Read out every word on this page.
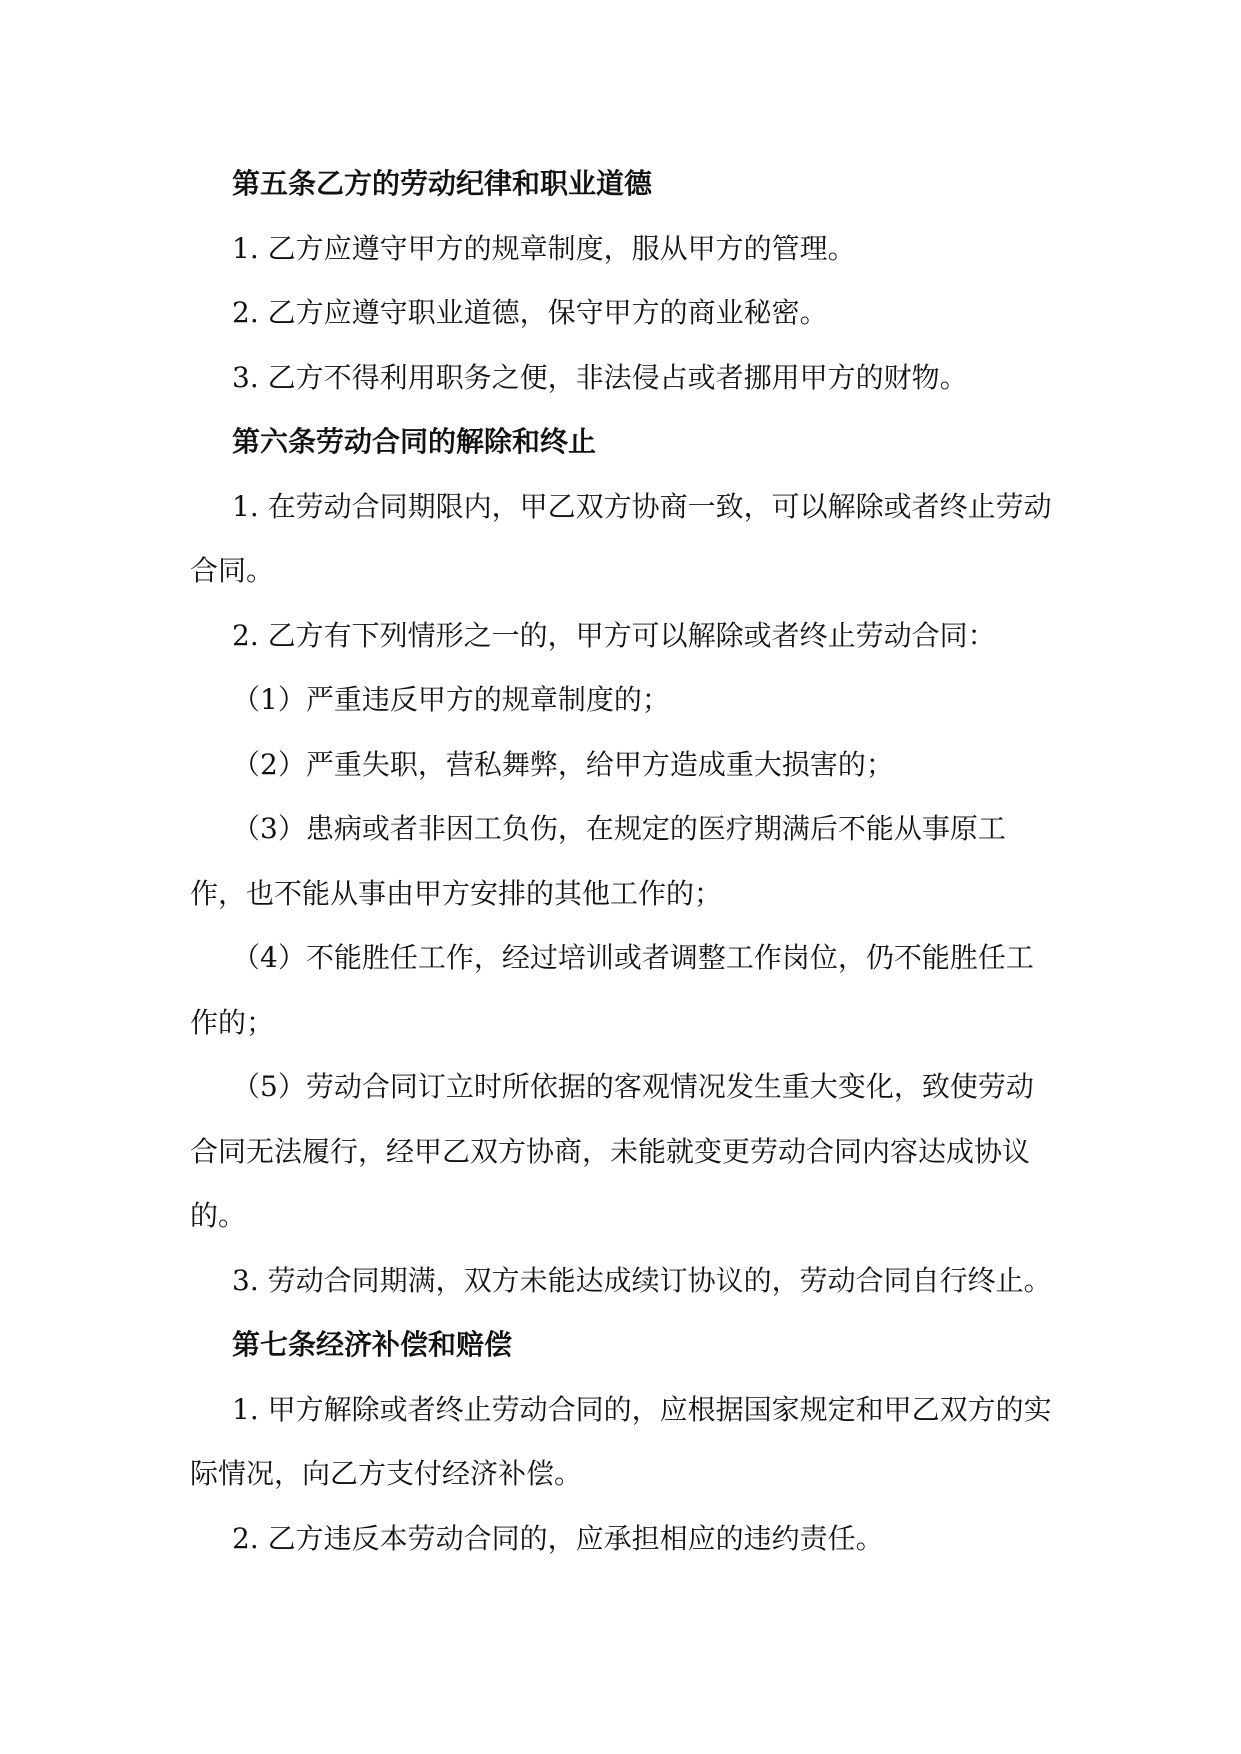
第五条乙方的劳动纪律和职业道德

1. 乙方应遵守甲方的规章制度，服从甲方的管理。

2. 乙方应遵守职业道德，保守甲方的商业秘密。

3. 乙方不得利用职务之便，非法侵占或者挪用甲方的财物。

第六条劳动合同的解除和终止

1. 在劳动合同期限内，甲乙双方协商一致，可以解除或者终止劳动合同。

2. 乙方有下列情形之一的，甲方可以解除或者终止劳动合同：

（1）严重违反甲方的规章制度的；

（2）严重失职，营私舞弊，给甲方造成重大损害的；

（3）患病或者非因工负伤，在规定的医疗期满后不能从事原工作，也不能从事由甲方安排的其他工作的；

（4）不能胜任工作，经过培训或者调整工作岗位，仍不能胜任工作的；

（5）劳动合同订立时所依据的客观情况发生重大变化，致使劳动合同无法履行，经甲乙双方协商，未能就变更劳动合同内容达成协议的。

3. 劳动合同期满，双方未能达成续订协议的，劳动合同自行终止。

第七条经济补偿和赔偿

1. 甲方解除或者终止劳动合同的，应根据国家规定和甲乙双方的实际情况，向乙方支付经济补偿。

2. 乙方违反本劳动合同的，应承担相应的违约责任。
